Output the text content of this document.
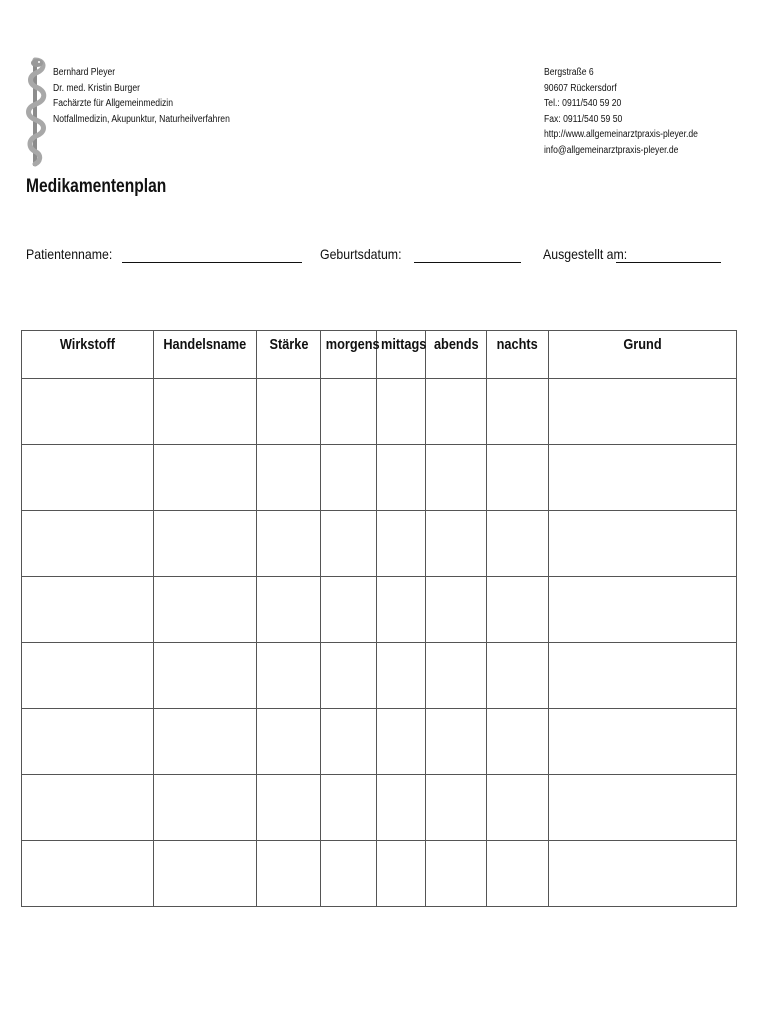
Bernhard Pleyer
Dr. med. Kristin Burger
Fachärzte für Allgemeinmedizin
Notfallmedizin, Akupunktur, Naturheilverfahren
Bergstraße 6
90607 Rückersdorf
Tel.: 0911/540 59 20
Fax: 0911/540 59 50
http://www.allgemeinarztpraxis-pleyer.de
info@allgemeinarztpraxis-pleyer.de
Medikamentenplan
Patientenname:	Geburtsdatum:	Ausgestellt am:
Wirkstoff	Handelsname	Stärke	morgens	mittags	abends	nachts	Grund
